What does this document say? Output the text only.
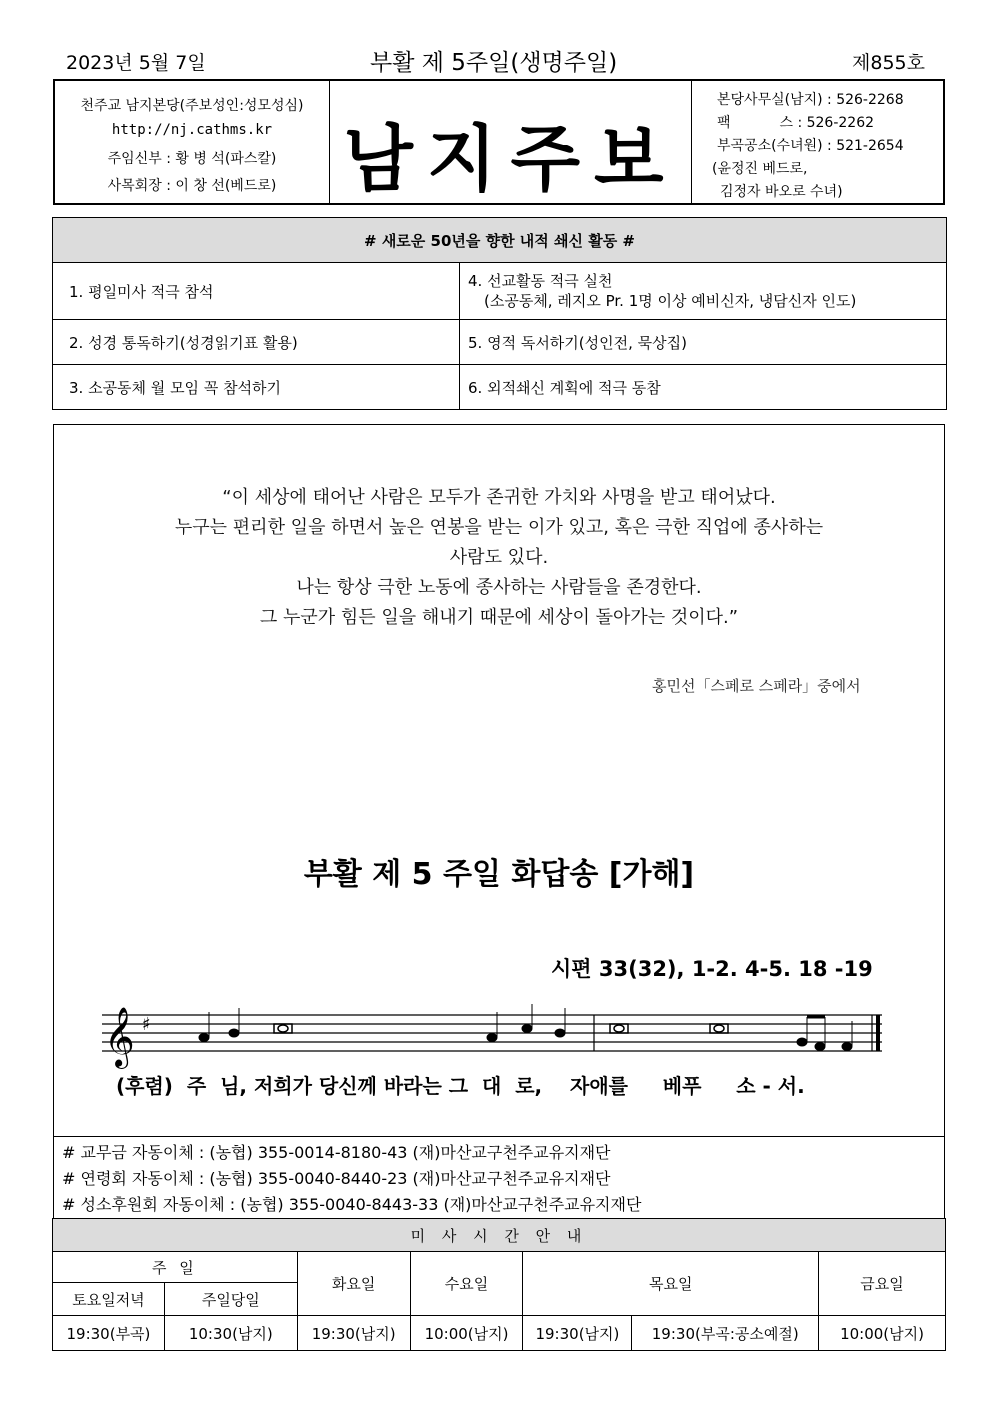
2023년 5월 7일	부활 제 5주일(생명주일)	제855호
천주교 남지본당(주보성인:성모성심)
http://nj.cathms.kr
주임신부 : 황 병 석(파스칼)
사목회장 : 이 창 선(베드로) 남지주보
본당사무실(남지) : 526-2268
팩           스 : 526-2262
부곡공소(수녀원) : 521-2654
(윤정진 베드로,
김정자 바오로 수녀)
# 새로운 50년을 향한 내적 쇄신 활동 #	
1. 평일미사 적극 참석	4. 선교활동 적극 실천
(소공동체, 레지오 Pr. 1명 이상 예비신자, 냉담신자 인도)
2. 성경 통독하기(성경읽기표 활용)	5. 영적 독서하기(성인전, 묵상집)
3. 소공동체 월 모임 꼭 참석하기	6. 외적쇄신 계획에 적극 동참
“이 세상에 태어난 사람은 모두가 존귀한 가치와 사명을 받고 태어났다.
누구는 편리한 일을 하면서 높은 연봉을 받는 이가 있고, 혹은 극한 직업에 종사하는
사람도 있다.
나는 항상 극한 노동에 종사하는 사람들을 존경한다.
그 누군가 힘든 일을 해내기 때문에 세상이 돌아가는 것이다.”
홍민선「스페로 스페라」중에서
부활 제 5 주일 화답송 [가해]
시편 33(32), 1-2. 4-5. 18 -19
𝄞 ♯
(후렴)  주  님, 저희가 당신께 바라는 그  대  로,    자애를     베푸     소 - 서.
# 교무금 자동이체 : (농협) 355-0014-8180-43 (재)마산교구천주교유지재단
# 연령회 자동이체 : (농협) 355-0040-8440-23 (재)마산교구천주교유지재단
# 성소후원회 자동이체 : (농협) 355-0040-8443-33 (재)마산교구천주교유지재단
미 사 시 간 안 내						
주 일		화요일	수요일	목요일		금요일
토요일저녁	주일당일					
19:30(부곡)	10:30(남지)	19:30(남지)	10:00(남지)	19:30(남지)	19:30(부곡:공소예절)	10:00(남지)
